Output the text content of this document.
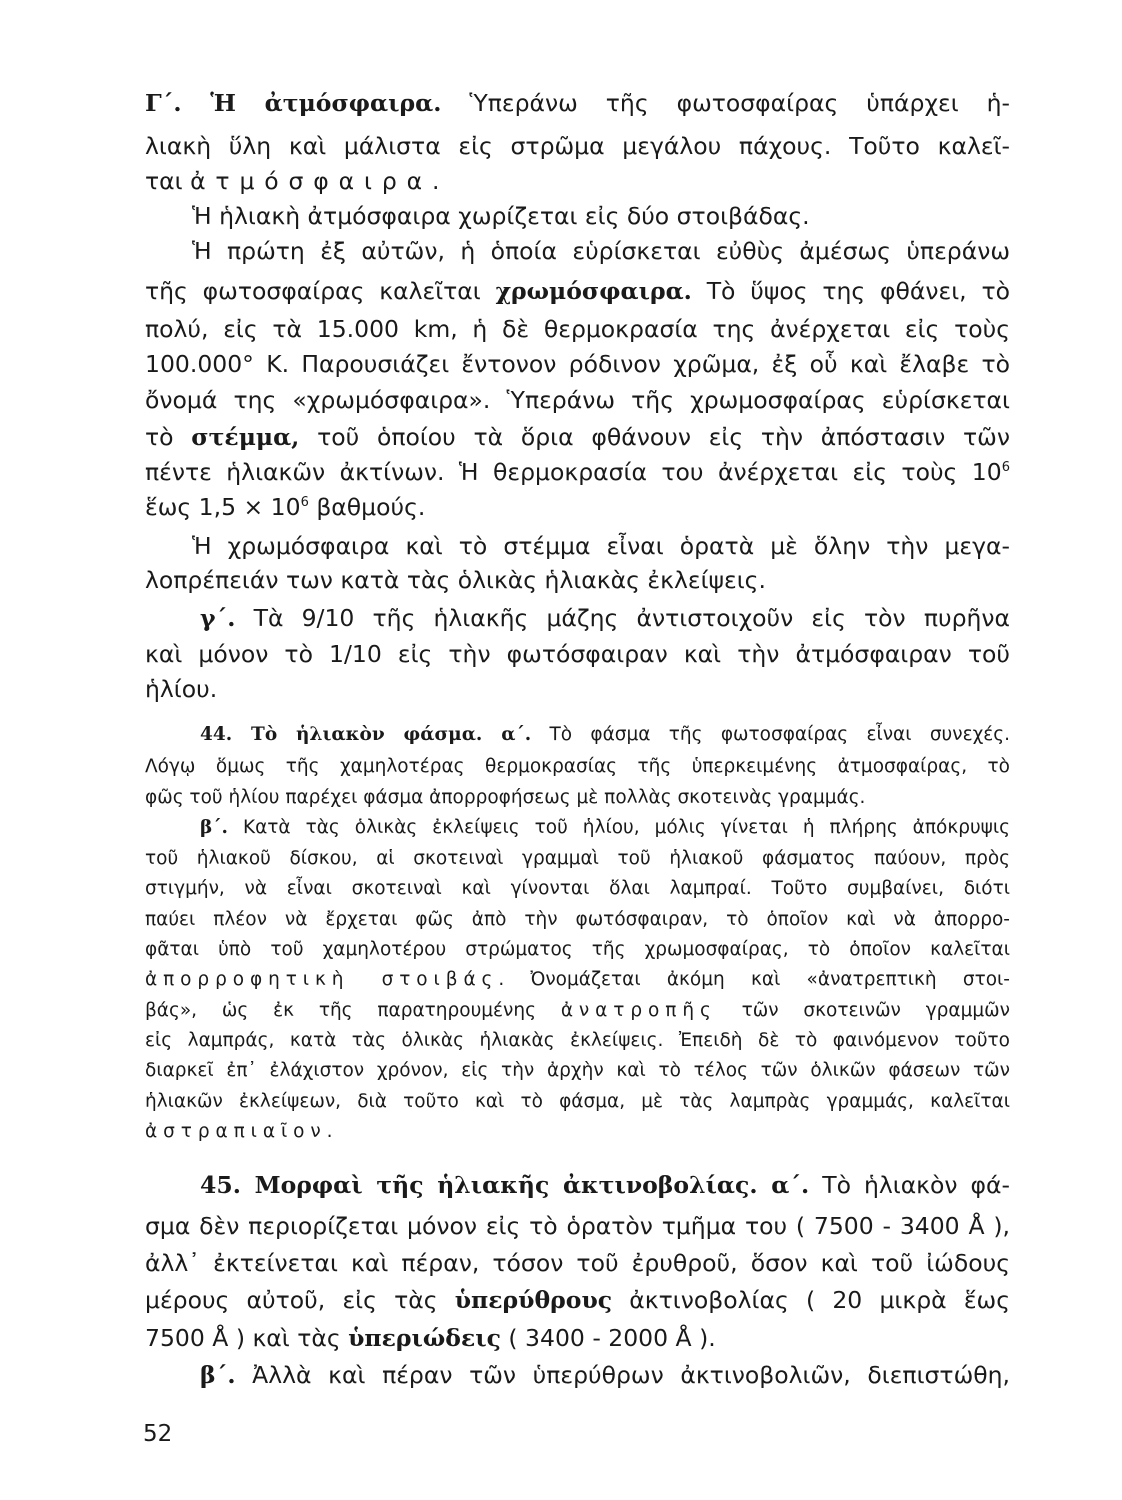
Γ΄. Ἡ ἀτμόσφαιρα. Ὑπεράνω τῆς φωτοσφαίρας ὑπάρχει ἡ-
λιακὴ ὕλη καὶ μάλιστα εἰς στρῶμα μεγάλου πάχους. Τοῦτο καλεῖ-
ται ἀτμόσφαιρα.
Ἡ ἡλιακὴ ἀτμόσφαιρα χωρίζεται εἰς δύο στοιβάδας.
Ἡ πρώτη ἐξ αὐτῶν, ἡ ὁποία εὑρίσκεται εὐθὺς ἀμέσως ὑπεράνω
τῆς φωτοσφαίρας καλεῖται χρωμόσφαιρα. Τὸ ὕψος της φθάνει, τὸ
πολύ, εἰς τὰ 15.000 km, ἡ δὲ θερμοκρασία της ἀνέρχεται εἰς τοὺς
100.000° Κ. Παρουσιάζει ἔντονον ρόδινον χρῶμα, ἐξ οὗ καὶ ἔλαβε τὸ
ὄνομά της «χρωμόσφαιρα». Ὑπεράνω τῆς χρωμοσφαίρας εὑρίσκεται
τὸ στέμμα, τοῦ ὁποίου τὰ ὅρια φθάνουν εἰς τὴν ἀπόστασιν τῶν
πέντε ἡλιακῶν ἀκτίνων. Ἡ θερμοκρασία του ἀνέρχεται εἰς τοὺς $10^6$
ἕως $1,5 \times 10^6$ βαθμούς.
Ἡ χρωμόσφαιρα καὶ τὸ στέμμα εἶναι ὁρατὰ μὲ ὅλην τὴν μεγα-
λοπρέπειάν των κατὰ τὰς ὁλικὰς ἡλιακὰς ἐκλείψεις.
γ΄. Τὰ 9/10 τῆς ἡλιακῆς μάζης ἀντιστοιχοῦν εἰς τὸν πυρῆνα
καὶ μόνον τὸ 1/10 εἰς τὴν φωτόσφαιραν καὶ τὴν ἀτμόσφαιραν τοῦ
ἡλίου.
44. Τὸ ἡλιακὸν φάσμα. α΄. Τὸ φάσμα τῆς φωτοσφαίρας εἶναι συνεχές.
Λόγῳ ὅμως τῆς χαμηλοτέρας θερμοκρασίας τῆς ὑπερκειμένης ἀτμοσφαίρας, τὸ
φῶς τοῦ ἡλίου παρέχει φάσμα ἀπορροφήσεως μὲ πολλὰς σκοτεινὰς γραμμάς.
β΄. Κατὰ τὰς ὁλικὰς ἐκλείψεις τοῦ ἡλίου, μόλις γίνεται ἡ πλήρης ἀπόκρυψις
τοῦ ἡλιακοῦ δίσκου, αἱ σκοτειναὶ γραμμαὶ τοῦ ἡλιακοῦ φάσματος παύουν, πρὸς
στιγμήν, νὰ εἶναι σκοτειναὶ καὶ γίνονται ὅλαι λαμπραί. Τοῦτο συμβαίνει, διότι
παύει πλέον νὰ ἔρχεται φῶς ἀπὸ τὴν φωτόσφαιραν, τὸ ὁποῖον καὶ νὰ ἀπορρο-
φᾶται ὑπὸ τοῦ χαμηλοτέρου στρώματος τῆς χρωμοσφαίρας, τὸ ὁποῖον καλεῖται
ἀπορροφητικὴ στοιβάς. Ὀνομάζεται ἀκόμη καὶ «ἀνατρεπτικὴ στοι-
βάς», ὡς ἐκ τῆς παρατηρουμένης ἀνατροπῆς τῶν σκοτεινῶν γραμμῶν
εἰς λαμπράς, κατὰ τὰς ὁλικὰς ἡλιακὰς ἐκλείψεις. Ἐπειδὴ δὲ τὸ φαινόμενον τοῦτο
διαρκεῖ ἐπ᾽ ἐλάχιστον χρόνον, εἰς τὴν ἀρχὴν καὶ τὸ τέλος τῶν ὁλικῶν φάσεων τῶν
ἡλιακῶν ἐκλείψεων, διὰ τοῦτο καὶ τὸ φάσμα, μὲ τὰς λαμπρὰς γραμμάς, καλεῖται
ἀστραπιαῖον.
45. Μορφαὶ τῆς ἡλιακῆς ἀκτινοβολίας. α΄. Τὸ ἡλιακὸν φά-
σμα δὲν περιορίζεται μόνον εἰς τὸ ὁρατὸν τμῆμα του ( 7500 - 3400 Å ),
ἀλλ᾽ ἐκτείνεται καὶ πέραν, τόσον τοῦ ἐρυθροῦ, ὅσον καὶ τοῦ ἰώδους
μέρους αὐτοῦ, εἰς τὰς ὑπερύθρους ἀκτινοβολίας ( 20 μικρὰ ἕως
7500 Å ) καὶ τὰς ὑπεριώδεις ( 3400 - 2000 Å ).
β΄. Ἀλλὰ καὶ πέραν τῶν ὑπερύθρων ἀκτινοβολιῶν, διεπιστώθη,
52
